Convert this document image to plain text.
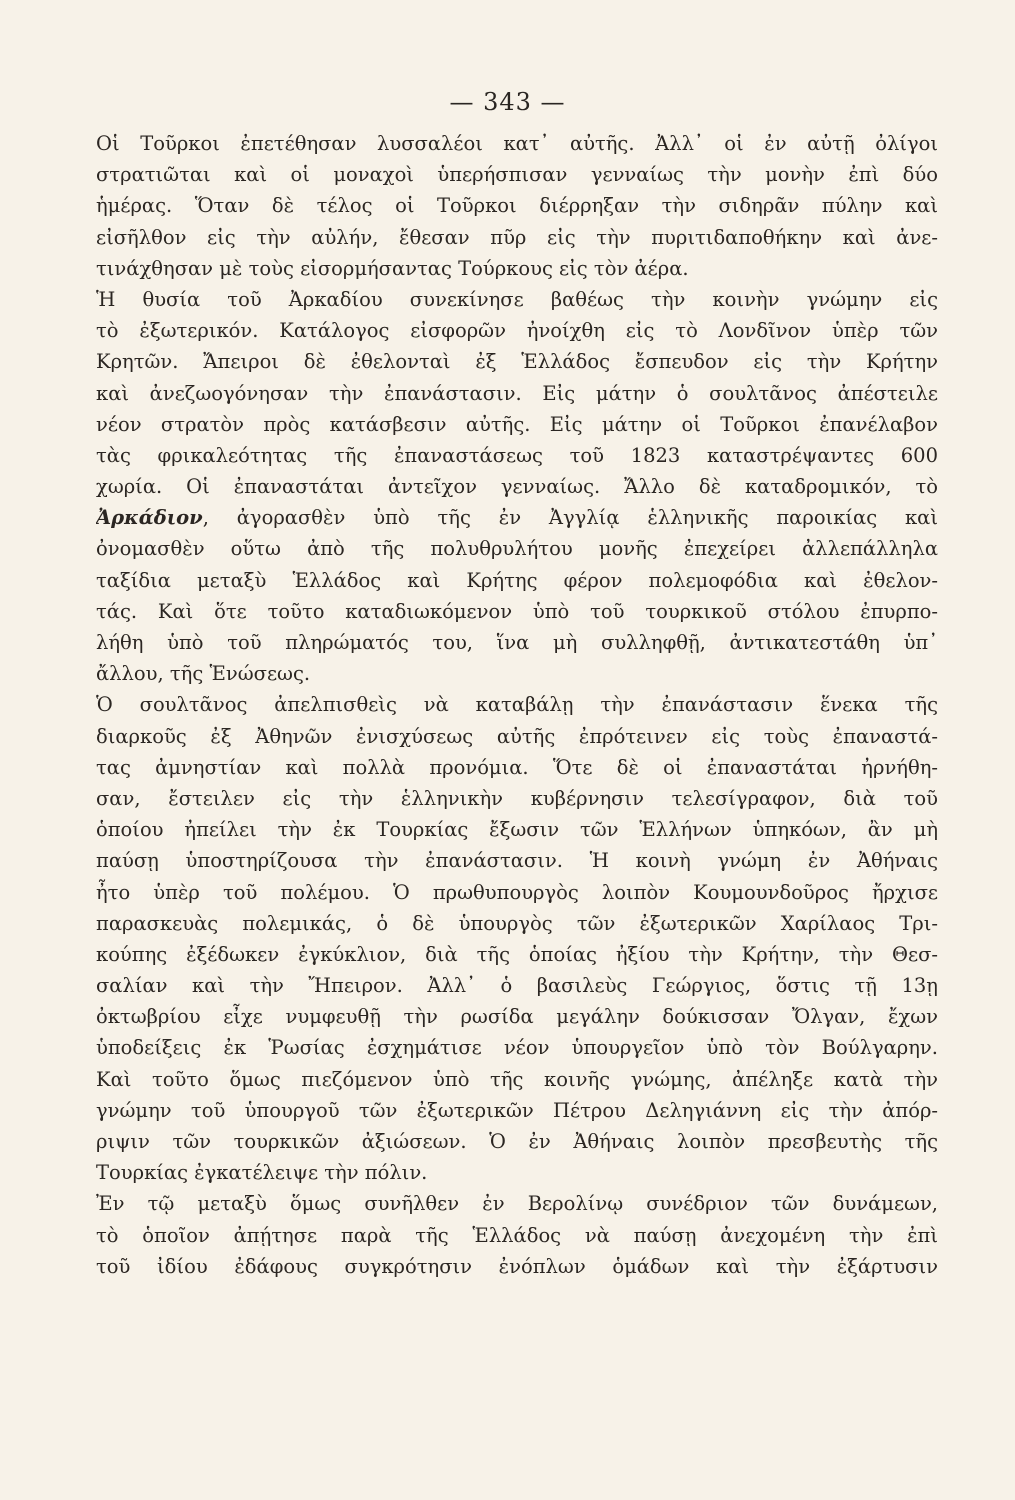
— 343 —
Οἱ Τοῦρκοι ἐπετέθησαν λυσσαλέοι κατ᾽ αὐτῆς. Ἀλλ᾽ οἱ ἐν αὐτῇ ὀλίγοι
στρατιῶται καὶ οἱ μοναχοὶ ὑπερήσπισαν γενναίως τὴν μονὴν ἐπὶ δύο
ἡμέρας. Ὅταν δὲ τέλος οἱ Τοῦρκοι διέρρηξαν τὴν σιδηρᾶν πύλην καὶ
εἰσῆλθον εἰς τὴν αὐλήν, ἔθεσαν πῦρ εἰς τὴν πυριτιδαποθήκην καὶ ἀνε-
τινάχθησαν μὲ τοὺς εἰσορμήσαντας Τούρκους εἰς τὸν ἀέρα.
Ἡ θυσία τοῦ Ἀρκαδίου συνεκίνησε βαθέως τὴν κοινὴν γνώμην εἰς
τὸ ἐξωτερικόν. Κατάλογος εἰσφορῶν ἠνοίχθη εἰς τὸ Λονδῖνον ὑπὲρ τῶν
Κρητῶν. Ἄπειροι δὲ ἐθελονταὶ ἐξ Ἑλλάδος ἔσπευδον εἰς τὴν Κρήτην
καὶ ἀνεζωογόνησαν τὴν ἐπανάστασιν. Εἰς μάτην ὁ σουλτᾶνος ἀπέστειλε
νέον στρατὸν πρὸς κατάσβεσιν αὐτῆς. Εἰς μάτην οἱ Τοῦρκοι ἐπανέλαβον
τὰς φρικαλεότητας τῆς ἐπαναστάσεως τοῦ 1823 καταστρέψαντες 600
χωρία. Οἱ ἐπαναστάται ἀντεῖχον γενναίως. Ἄλλο δὲ καταδρομικόν, τὸ
Ἀρκάδιον, ἀγορασθὲν ὑπὸ τῆς ἐν Ἀγγλίᾳ ἑλληνικῆς παροικίας καὶ
ὀνομασθὲν οὕτω ἀπὸ τῆς πολυθρυλήτου μονῆς ἐπεχείρει ἀλλεπάλληλα
ταξίδια μεταξὺ Ἑλλάδος καὶ Κρήτης φέρον πολεμοφόδια καὶ ἐθελον-
τάς. Καὶ ὅτε τοῦτο καταδιωκόμενον ὑπὸ τοῦ τουρκικοῦ στόλου ἐπυρπο-
λήθη ὑπὸ τοῦ πληρώματός του, ἵνα μὴ συλληφθῇ, ἀντικατεστάθη ὑπ᾽
ἄλλου, τῆς Ἑνώσεως.
Ὁ σουλτᾶνος ἀπελπισθεὶς νὰ καταβάλῃ τὴν ἐπανάστασιν ἕνεκα τῆς
διαρκοῦς ἐξ Ἀθηνῶν ἐνισχύσεως αὐτῆς ἐπρότεινεν εἰς τοὺς ἐπαναστά-
τας ἀμνηστίαν καὶ πολλὰ προνόμια. Ὅτε δὲ οἱ ἐπαναστάται ἠρνήθη-
σαν, ἔστειλεν εἰς τὴν ἑλληνικὴν κυβέρνησιν τελεσίγραφον, διὰ τοῦ
ὁποίου ἠπείλει τὴν ἐκ Τουρκίας ἔξωσιν τῶν Ἑλλήνων ὑπηκόων, ἂν μὴ
παύσῃ ὑποστηρίζουσα τὴν ἐπανάστασιν. Ἡ κοινὴ γνώμη ἐν Ἀθήναις
ἦτο ὑπὲρ τοῦ πολέμου. Ὁ πρωθυπουργὸς λοιπὸν Κουμουνδοῦρος ἤρχισε
παρασκευὰς πολεμικάς, ὁ δὲ ὑπουργὸς τῶν ἐξωτερικῶν Χαρίλαος Τρι-
κούπης ἐξέδωκεν ἐγκύκλιον, διὰ τῆς ὁποίας ἠξίου τὴν Κρήτην, τὴν Θεσ-
σαλίαν καὶ τὴν Ἤπειρον. Ἀλλ᾽ ὁ βασιλεὺς Γεώργιος, ὅστις τῇ 13ῃ
ὀκτωβρίου εἶχε νυμφευθῇ τὴν ρωσίδα μεγάλην δούκισσαν Ὄλγαν, ἔχων
ὑποδείξεις ἐκ Ῥωσίας ἐσχημάτισε νέον ὑπουργεῖον ὑπὸ τὸν Βούλγαρην.
Καὶ τοῦτο ὅμως πιεζόμενον ὑπὸ τῆς κοινῆς γνώμης, ἀπέληξε κατὰ τὴν
γνώμην τοῦ ὑπουργοῦ τῶν ἐξωτερικῶν Πέτρου Δεληγιάννη εἰς τὴν ἀπόρ-
ριψιν τῶν τουρκικῶν ἀξιώσεων. Ὁ ἐν Ἀθήναις λοιπὸν πρεσβευτὴς τῆς
Τουρκίας ἐγκατέλειψε τὴν πόλιν.
Ἐν τῷ μεταξὺ ὅμως συνῆλθεν ἐν Βερολίνῳ συνέδριον τῶν δυνάμεων,
τὸ ὁποῖον ἀπῄτησε παρὰ τῆς Ἑλλάδος νὰ παύσῃ ἀνεχομένη τὴν ἐπὶ
τοῦ ἰδίου ἐδάφους συγκρότησιν ἐνόπλων ὁμάδων καὶ τὴν ἐξάρτυσιν
